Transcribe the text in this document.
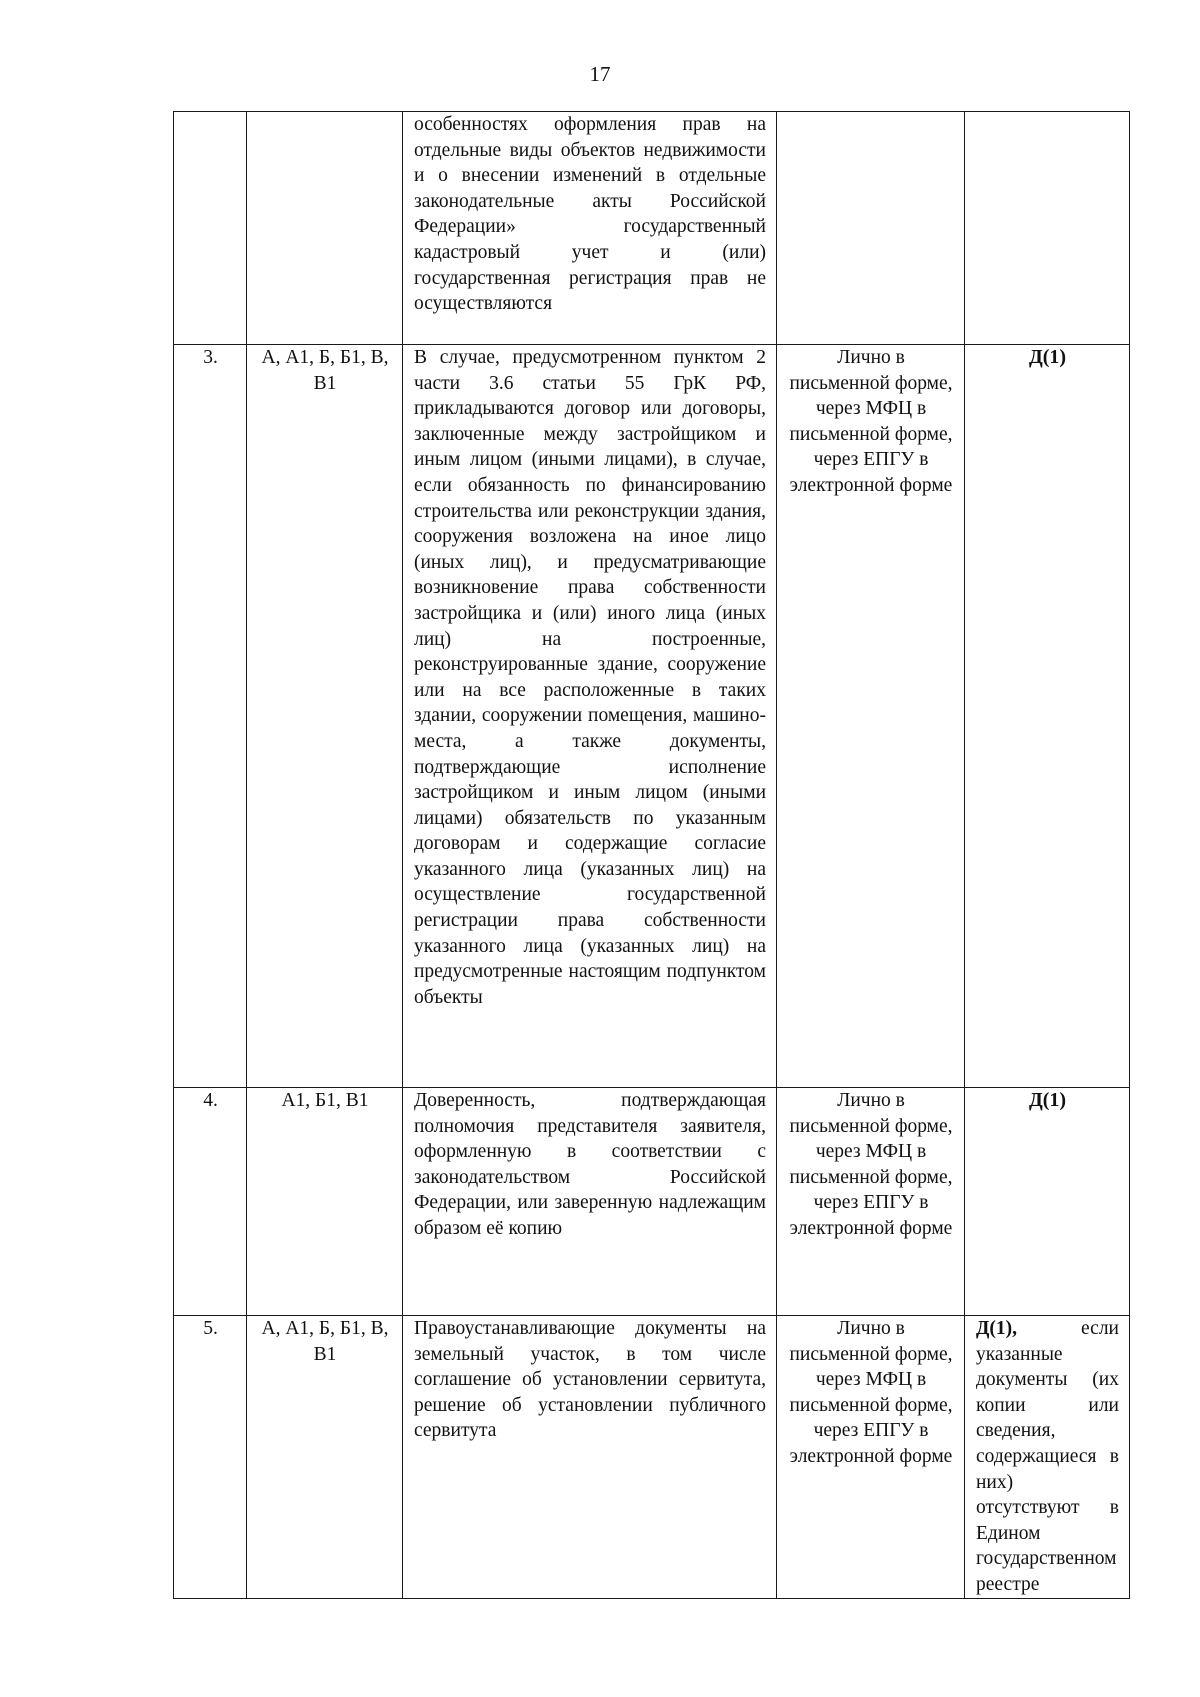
17
		особенностях оформления прав на отдельные виды объектов недвижимости и о внесении изменений в отдельные законодательные акты Российской Федерации» государственный кадастровый учет и (или) государственная регистрация прав не осуществляются		

3.	А, А1, Б, Б1, В, В1	В случае, предусмотренном пунктом 2 части 3.6 статьи 55 ГрК РФ, прикладываются договор или договоры, заключенные между застройщиком и иным лицом (иными лицами), в случае, если обязанность по финансированию строительства или реконструкции здания, сооружения возложена на иное лицо (иных лиц), и предусматривающие возникновение права собственности застройщика и (или) иного лица (иных лиц) на построенные, реконструированные здание, сооружение или на все расположенные в таких здании, сооружении помещения, машино-места, а также документы, подтверждающие исполнение застройщиком и иным лицом (иными лицами) обязательств по указанным договорам и содержащие согласие указанного лица (указанных лиц) на осуществление государственной регистрации права собственности указанного лица (указанных лиц) на предусмотренные настоящим подпунктом объекты	Лично в письменной форме, через МФЦ в письменной форме, через ЕПГУ в электронной форме	Д(1)

4.	А1, Б1, В1	Доверенность, подтверждающая полномочия представителя заявителя, оформленную в соответствии с законодательством Российской Федерации, или заверенную надлежащим образом её копию	Лично в письменной форме, через МФЦ в письменной форме, через ЕПГУ в электронной форме	Д(1)

5.	А, А1, Б, Б1, В, В1	Правоустанавливающие документы на земельный участок, в том числе соглашение об установлении сервитута, решение об установлении публичного сервитута	Лично в письменной форме, через МФЦ в письменной форме, через ЕПГУ в электронной форме	Д(1), если указанные документы (их копии или сведения, содержащиеся в них) отсутствуют в Едином государственном реестре
